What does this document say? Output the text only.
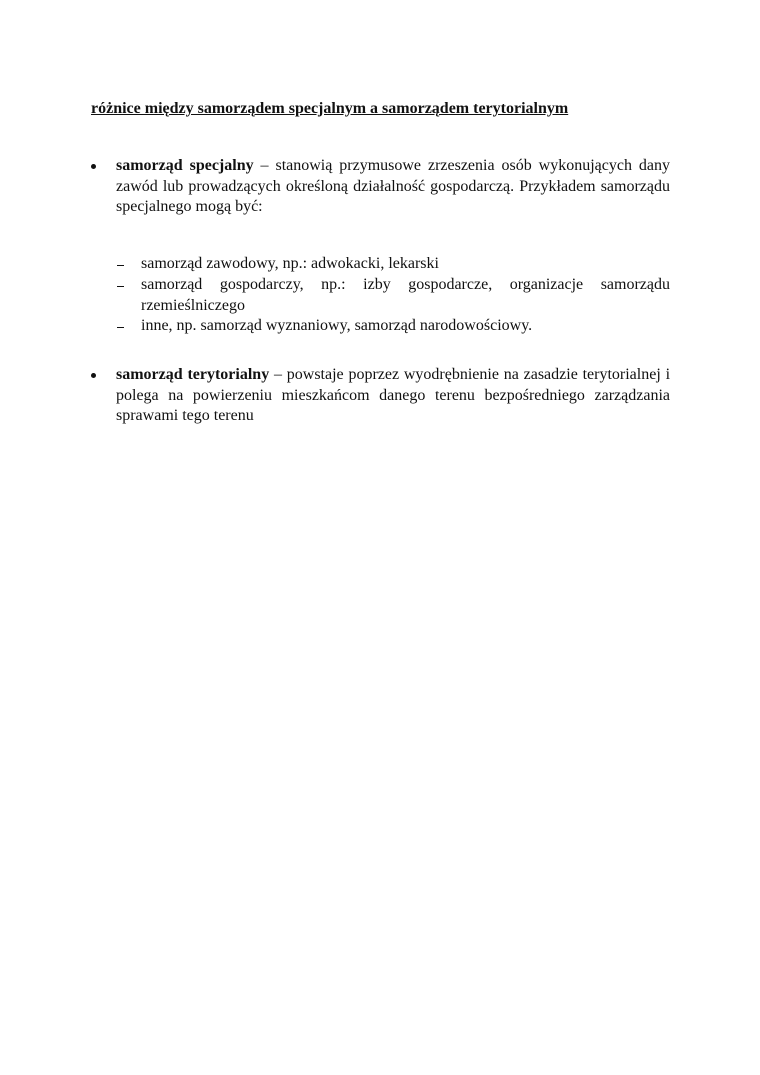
różnice między samorządem specjalnym a samorządem terytorialnym
samorząd specjalny – stanowią przymusowe zrzeszenia osób wykonujących dany zawód lub prowadzących określoną działalność gospodarczą. Przykładem samorządu specjalnego mogą być:
samorząd zawodowy, np.: adwokacki, lekarski
samorząd gospodarczy, np.: izby gospodarcze, organizacje samorządu rzemieślniczego
inne, np. samorząd wyznaniowy, samorząd narodowościowy.
samorząd terytorialny – powstaje poprzez wyodrębnienie na zasadzie terytorialnej i polega na powierzeniu mieszkańcom danego terenu bezpośredniego zarządzania sprawami tego terenu
